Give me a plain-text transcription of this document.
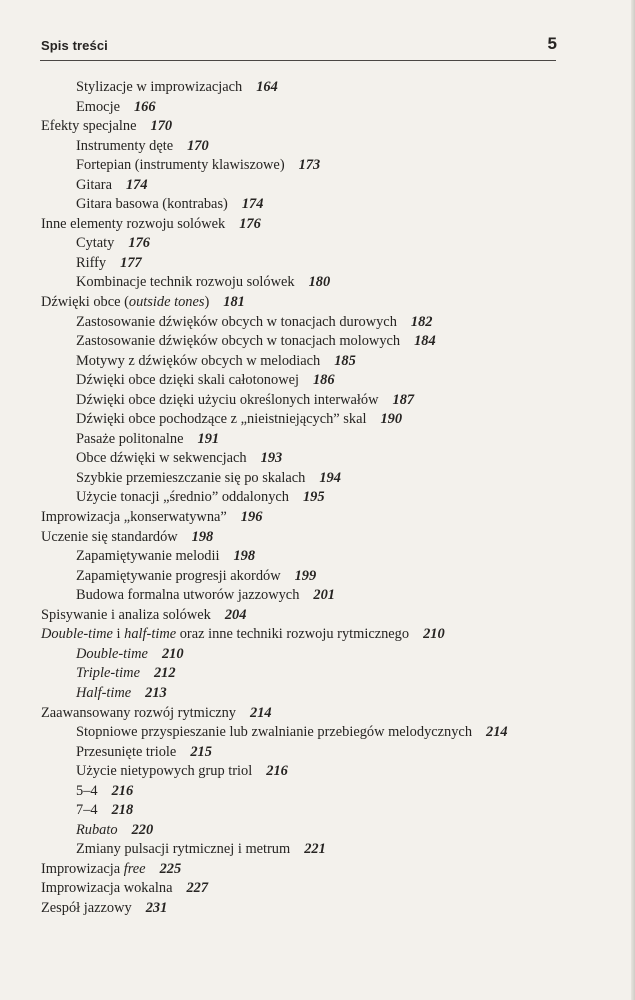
Spis treści	5
Stylizacje w improwizacjach 164
Emocje 166
Efekty specjalne 170
Instrumenty dęte 170
Fortepian (instrumenty klawiszowe) 173
Gitara 174
Gitara basowa (kontrabas) 174
Inne elementy rozwoju solówek 176
Cytaty 176
Riffy 177
Kombinacje technik rozwoju solówek 180
Dźwięki obce (outside tones) 181
Zastosowanie dźwięków obcych w tonacjach durowych 182
Zastosowanie dźwięków obcych w tonacjach molowych 184
Motywy z dźwięków obcych w melodiach 185
Dźwięki obce dzięki skali całotonowej 186
Dźwięki obce dzięki użyciu określonych interwałów 187
Dźwięki obce pochodzące z „nieistniejących” skal 190
Pasaże politonalne 191
Obce dźwięki w sekwencjach 193
Szybkie przemieszczanie się po skalach 194
Użycie tonacji „średnio” oddalonych 195
Improwizacja „konserwatywna” 196
Uczenie się standardów 198
Zapamiętywanie melodii 198
Zapamiętywanie progresji akordów 199
Budowa formalna utworów jazzowych 201
Spisywanie i analiza solówek 204
Double-time i half-time oraz inne techniki rozwoju rytmicznego 210
Double-time 210
Triple-time 212
Half-time 213
Zaawansowany rozwój rytmiczny 214
Stopniowe przyspieszanie lub zwalnianie przebiegów melodycznych 214
Przesunięte triole 215
Użycie nietypowych grup triol 216
5–4 216
7–4 218
Rubato 220
Zmiany pulsacji rytmicznej i metrum 221
Improwizacja free 225
Improwizacja wokalna 227
Zespół jazzowy 231
